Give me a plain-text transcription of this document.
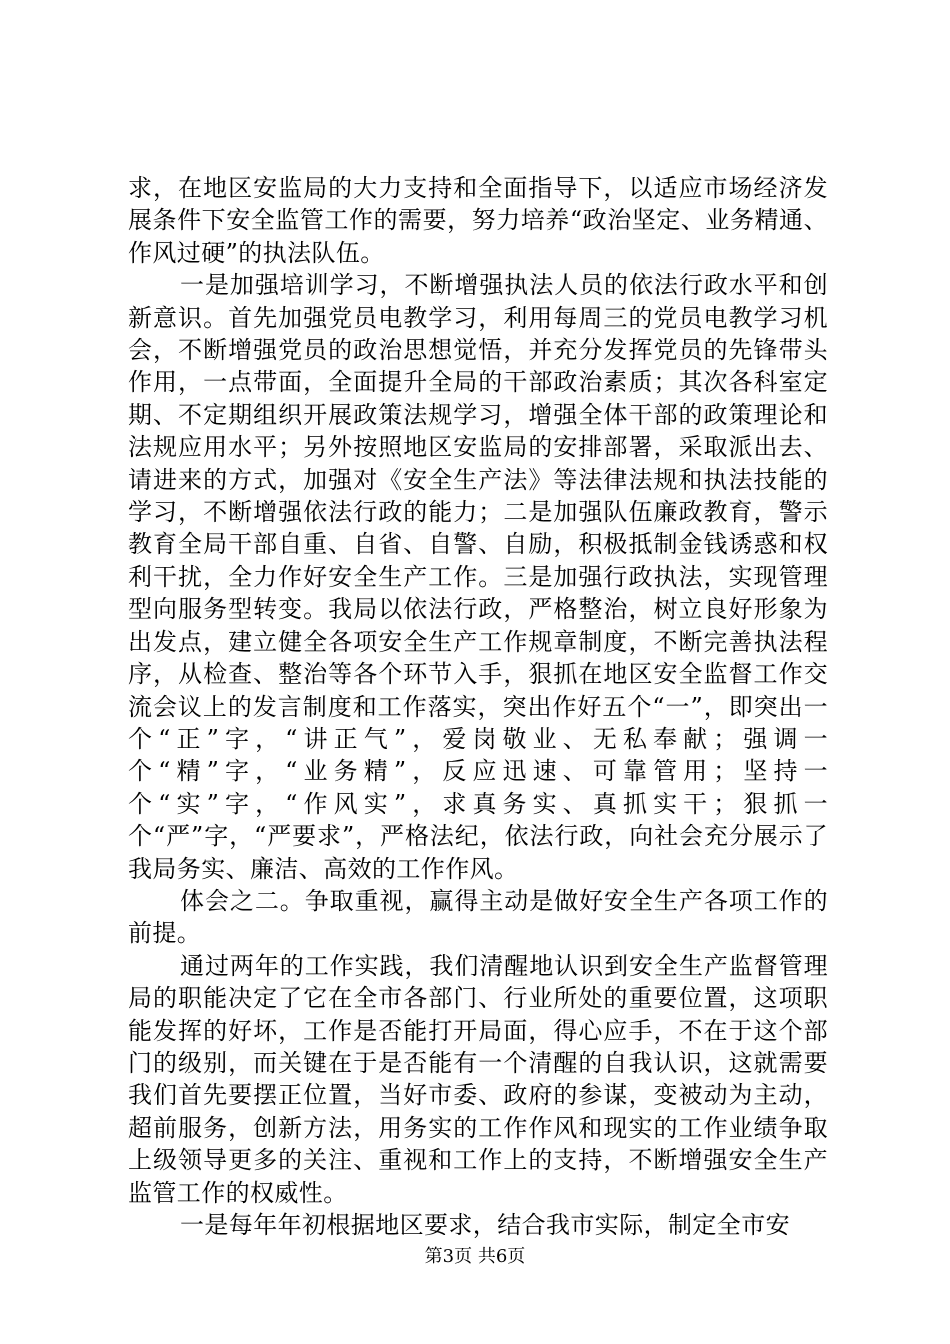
求，在地区安监局的大力支持和全面指导下，以适应市场经济发展条件下安全监管工作的需要，努力培养“政治坚定、业务精通、作风过硬”的执法队伍。

一是加强培训学习，不断增强执法人员的依法行政水平和创新意识。首先加强党员电教学习，利用每周三的党员电教学习机会，不断增强党员的政治思想觉悟，并充分发挥党员的先锋带头作用，一点带面，全面提升全局的干部政治素质；其次各科室定期、不定期组织开展政策法规学习，增强全体干部的政策理论和法规应用水平；另外按照地区安监局的安排部署，采取派出去、请进来的方式，加强对《安全生产法》等法律法规和执法技能的学习，不断增强依法行政的能力；二是加强队伍廉政教育，警示教育全局干部自重、自省、自警、自励，积极抵制金钱诱惑和权利干扰，全力作好安全生产工作。三是加强行政执法，实现管理型向服务型转变。我局以依法行政，严格整治，树立良好形象为出发点，建立健全各项安全生产工作规章制度，不断完善执法程序，从检查、整治等各个环节入手，狠抓在地区安全监督工作交流会议上的发言制度和工作落实，突出作好五个“一”，即突出一个“正”字，“讲正气”，爱岗敬业、无私奉献；强调一个“精”字，“业务精”，反应迅速、可靠管用；坚持一个“实”字，“作风实”，求真务实、真抓实干；狠抓一个“严”字，“严要求”，严格法纪，依法行政，向社会充分展示了我局务实、廉洁、高效的工作作风。

体会之二。争取重视，赢得主动是做好安全生产各项工作的前提。

通过两年的工作实践，我们清醒地认识到安全生产监督管理局的职能决定了它在全市各部门、行业所处的重要位置，这项职能发挥的好坏，工作是否能打开局面，得心应手，不在于这个部门的级别，而关键在于是否能有一个清醒的自我认识，这就需要我们首先要摆正位置，当好市委、政府的参谋，变被动为主动，超前服务，创新方法，用务实的工作作风和现实的工作业绩争取上级领导更多的关注、重视和工作上的支持，不断增强安全生产监管工作的权威性。

一是每年年初根据地区要求，结合我市实际，制定全市安

第3页 共6页
